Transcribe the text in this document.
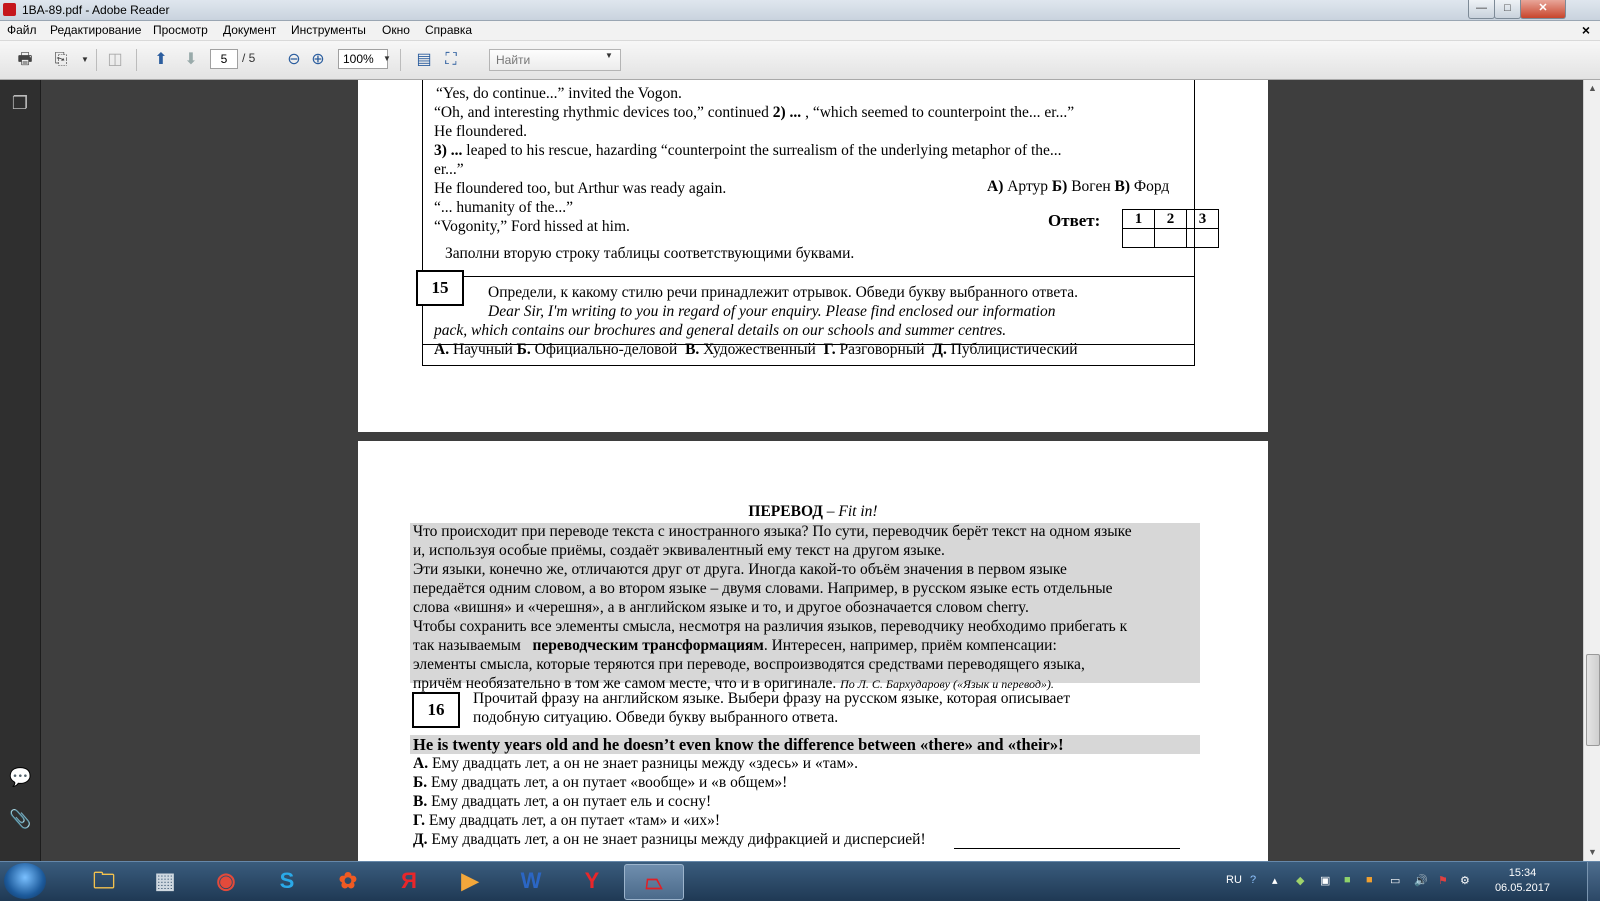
1BA-89.pdf - Adobe Reader	—	□	✕
Файл Редактирование Просмотр Документ Инструменты Окно Справка	×
🖶 ⎘	▼	◫ ⬆ ⬇	5	/ 5 ⊖ ⊕	100%	▼ ▤ ⛶	Найти	▼
❐
💬
📎
“Yes, do continue...” invited the Vogon.
“Oh, and interesting rhythmic devices too,” continued 2) ... , “which seemed to counterpoint the... er...”
He floundered.
3) ... leaped to his rescue, hazarding “counterpoint the surrealism of the underlying metaphor of the...
er...”
He floundered too, but Arthur was ready again.
“... humanity of the...”
“Vogonity,” Ford hissed at him.
Заполни вторую строку таблицы соответствующими буквами.
А) Артур Б) Воген В) Форд
Ответ: 1	2	3

15	Определи, к какому стилю речи принадлежит отрывок. Обведи букву выбранного ответа.
Dear Sir, I'm writing to you in regard of your enquiry. Please find enclosed our information
pack, which contains our brochures and general details on our schools and summer centres.
А. Научный Б. Официально-деловой В. Художественный Г. Разговорный Д. Публицистический
ПЕРЕВОД – Fit in!
Что происходит при переводе текста с иностранного языка? По сути, переводчик берёт текст на одном языке
и, используя особые приёмы, создаёт эквивалентный ему текст на другом языке.
Эти языки, конечно же, отличаются друг от друга. Иногда какой-то объём значения в первом языке
передаётся одним словом, а во втором языке – двумя словами. Например, в русском языке есть отдельные
слова «вишня» и «черешня», а в английском языке и то, и другое обозначается словом cherry.
Чтобы сохранить все элементы смысла, несмотря на различия языков, переводчику необходимо прибегать к
так называемым переводческим трансформациям. Интересен, например, приём компенсации:
элементы смысла, которые теряются при переводе, воспроизводятся средствами переводящего языка,
причём необязательно в том же самом месте, что и в оригинале. По Л. С. Бархударову («Язык и перевод»).
16
Прочитай фразу на английском языке. Выбери фразу на русском языке, которая описывает
подобную ситуацию. Обведи букву выбранного ответа.
He is twenty years old and he doesn’t even know the difference between «there» and «their»!
А. Ему двадцать лет, а он не знает разницы между «здесь» и «там».
Б. Ему двадцать лет, а он путает «вообще» и «в общем»!
В. Ему двадцать лет, а он путает ель и сосну!
Г. Ему двадцать лет, а он путает «там» и «их»!
Д. Ему двадцать лет, а он не знает разницы между дифракцией и дисперсией!
▲
▼
🗀	▦	◉	S	✿	Я	▶	W	Y	⏢	RU ? ▴ ◆ ▣ ■ ■ ▭ 🔊 ⚑ ⚙
15:34
06.05.2017
